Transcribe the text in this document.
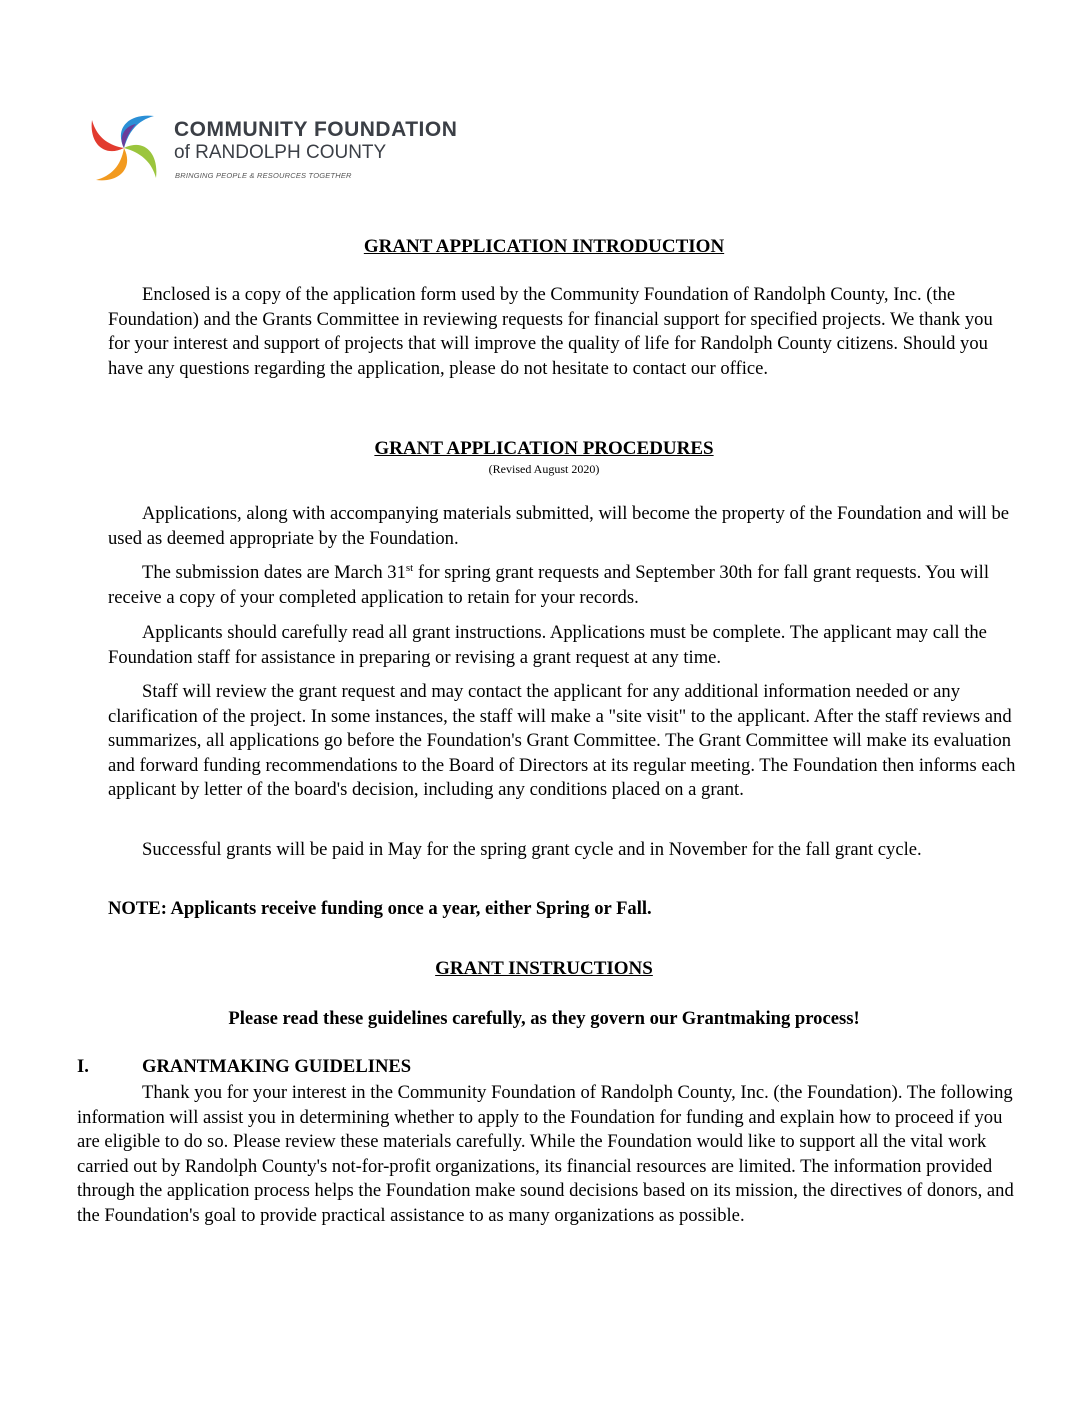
COMMUNITY FOUNDATION
of RANDOLPH COUNTY
BRINGING PEOPLE & RESOURCES TOGETHER
GRANT APPLICATION INTRODUCTION

Enclosed is a copy of the application form used by the Community Foundation of Randolph County, Inc. (the Foundation) and the Grants Committee in reviewing requests for financial support for specified projects. We thank you for your interest and support of projects that will improve the quality of life for Randolph County citizens. Should you have any questions regarding the application, please do not hesitate to contact our office.

GRANT APPLICATION PROCEDURES
(Revised August 2020)

Applications, along with accompanying materials submitted, will become the property of the Foundation and will be used as deemed appropriate by the Foundation.

The submission dates are March 31st for spring grant requests and September 30th for fall grant requests. You will receive a copy of your completed application to retain for your records.

Applicants should carefully read all grant instructions. Applications must be complete. The applicant may call the Foundation staff for assistance in preparing or revising a grant request at any time.

Staff will review the grant request and may contact the applicant for any additional information needed or any clarification of the project. In some instances, the staff will make a "site visit" to the applicant. After the staff reviews and summarizes, all applications go before the Foundation's Grant Committee. The Grant Committee will make its evaluation and forward funding recommendations to the Board of Directors at its regular meeting. The Foundation then informs each applicant by letter of the board's decision, including any conditions placed on a grant.

Successful grants will be paid in May for the spring grant cycle and in November for the fall grant cycle.

NOTE: Applicants receive funding once a year, either Spring or Fall.
GRANT INSTRUCTIONS
Please read these guidelines carefully, as they govern our Grantmaking process!
I.	GRANTMAKING GUIDELINES

Thank you for your interest in the Community Foundation of Randolph County, Inc. (the Foundation). The following information will assist you in determining whether to apply to the Foundation for funding and explain how to proceed if you are eligible to do so. Please review these materials carefully. While the Foundation would like to support all the vital work carried out by Randolph County's not-for-profit organizations, its financial resources are limited. The information provided through the application process helps the Foundation make sound decisions based on its mission, the directives of donors, and the Foundation's goal to provide practical assistance to as many organizations as possible.
